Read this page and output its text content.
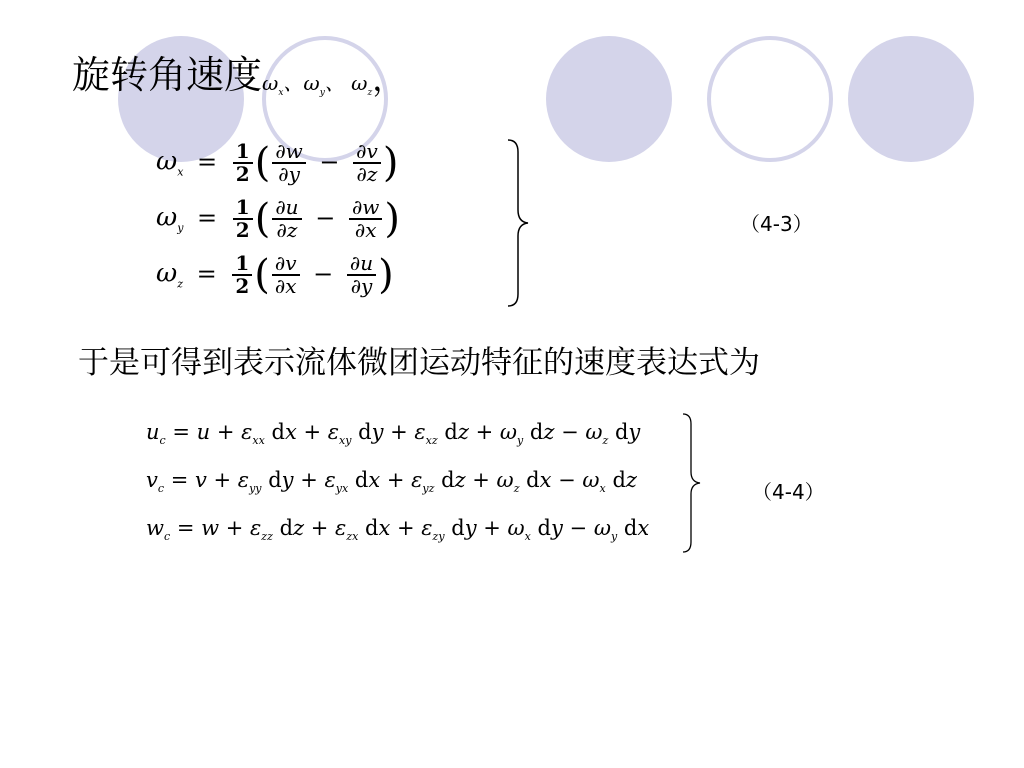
旋转角速度$\omega_x$、$\omega_y$、 $\omega_z$，
$\omega_x = \frac{1}{2}$ ( $\frac{\partial w}{\partial y} - \frac{\partial v}{\partial z}$ )
$\omega_y = \frac{1}{2}$ ( $\frac{\partial u}{\partial z} - \frac{\partial w}{\partial x}$ )
$\omega_z = \frac{1}{2}$ ( $\frac{\partial v}{\partial x} - \frac{\partial u}{\partial y}$ )
（4-3）
于是可得到表示流体微团运动特征的速度表达式为
$u_c = u + \varepsilon_{xx}$ dx + $\varepsilon_{xy}$ dy + $\varepsilon_{xz}$ dz + $\omega_y$ dz − $\omega_z$ dy
$v_c = v + \varepsilon_{yy}$ dy + $\varepsilon_{yx}$ dx + $\varepsilon_{yz}$ dz + $\omega_z$ dx − $\omega_x$ dz
$w_c = w + \varepsilon_{zz}$ dz + $\varepsilon_{zx}$ dx + $\varepsilon_{zy}$ dy + $\omega_x$ dy − $\omega_y$ dx
（4-4）
